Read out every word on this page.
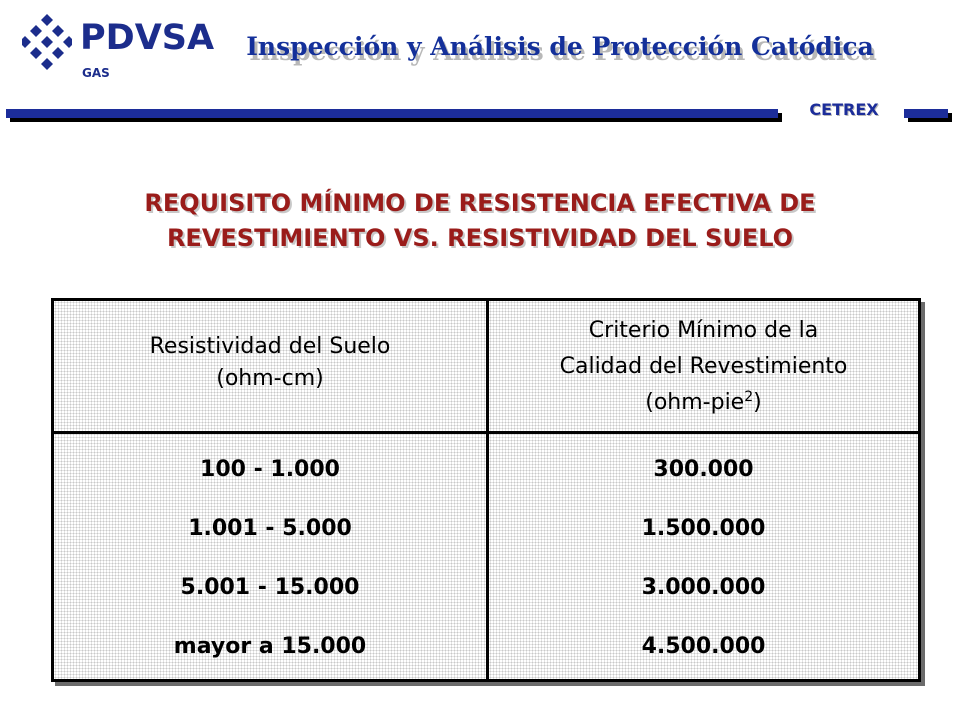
PDVSA
GAS
Inspección y Análisis de Protección Catódica
CETREX
REQUISITO MÍNIMO DE RESISTENCIA EFECTIVA DE
REVESTIMIENTO VS. RESISTIVIDAD DEL SUELO
Resistividad del Suelo
(ohm-cm)
Criterio Mínimo de la
Calidad del Revestimiento
(ohm-pie$^2$)
100 - 1.000
1.001 - 5.000
5.001 - 15.000
mayor a 15.000
300.000
1.500.000
3.000.000
4.500.000
